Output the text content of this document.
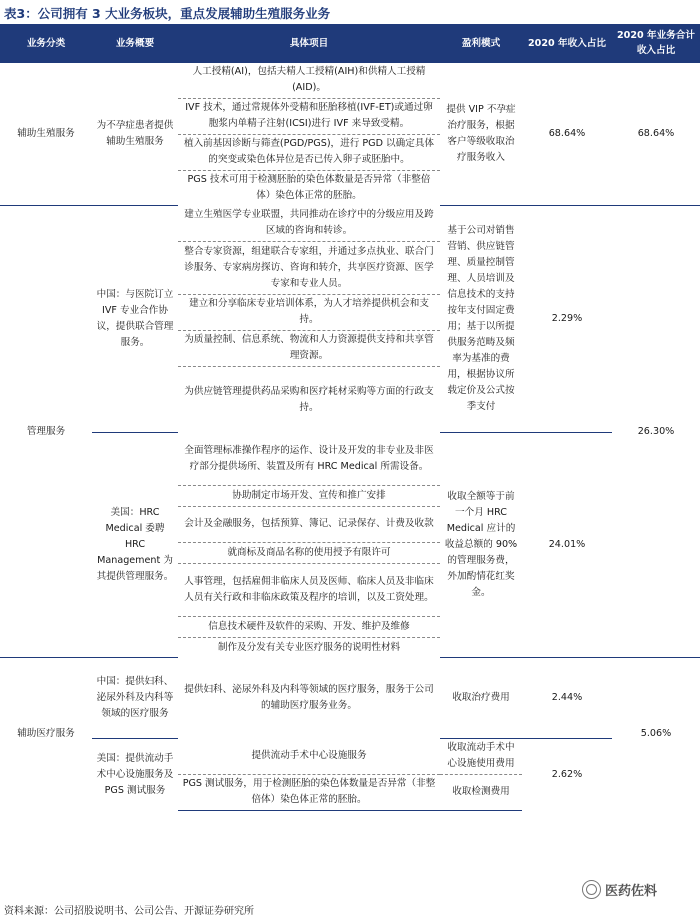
表3：公司拥有 3 大业务板块，重点发展辅助生殖服务业务
业务分类	业务概要	具体项目	盈利模式	2020 年收入占比	2020 年业务合计收入占比
辅助生殖服务	为不孕症患者提供辅助生殖服务	人工授精(AI)，包括夫精人工授精(AIH)和供精人工授精(AID)。	提供 VIP 不孕症治疗服务，根据客户等级收取治疗服务收入	68.64%	68.64%
		IVF 技术，通过常规体外受精和胚胎移植(IVF-ET)或通过卵胞浆内单精子注射(ICSI)进行 IVF 来导致受精。			
		植入前基因诊断与筛查(PGD/PGS)，进行 PGD 以确定具体的突变或染色体异位是否已传入卵子或胚胎中。			
		PGS 技术可用于检测胚胎的染色体数量是否异常（非整倍体）染色体正常的胚胎。			
管理服务	中国：与医院订立 IVF 专业合作协议，提供联合管理服务。	建立生殖医学专业联盟，共同推动在诊疗中的分级应用及跨区域的咨询和转诊。	基于公司对销售营销、供应链管理、质量控制管理、人员培训及信息技术的支持按年支付固定费用；基于以所提供服务范畴及频率为基准的费用，根据协议所载定价及公式按季支付	2.29%	26.30%
		整合专家资源，组建联合专家组，并通过多点执业、联合门诊服务、专家病房探访、咨询和转介，共享医疗资源、医学专家和专业人员。			
		建立和分享临床专业培训体系，为人才培养提供机会和支持。			
		为质量控制、信息系统、物流和人力资源提供支持和共享管理资源。			
		为供应链管理提供药品采购和医疗耗材采购等方面的行政支持。			
	美国：HRC Medical 委聘 HRC Management 为其提供管理服务。	全面管理标准操作程序的运作、设计及开发的非专业及非医疗部分提供场所、装置及所有 HRC Medical 所需设备。	收取全额等于前一个月 HRC Medical 应计的收益总额的 90%的管理服务费，外加酌情花红奖金。	24.01%	
		协助制定市场开发、宣传和推广安排			
		会计及金融服务，包括预算、簿记、记录保存、计费及收款			
		就商标及商品名称的使用授予有限许可			
		人事管理，包括雇佣非临床人员及医师、临床人员及非临床人员有关行政和非临床政策及程序的培训，以及工资处理。			
		信息技术硬件及软件的采购、开发、维护及维修			
		制作及分发有关专业医疗服务的说明性材料			
辅助医疗服务	中国：提供妇科、泌尿外科及内科等领域的医疗服务	提供妇科、泌尿外科及内科等领域的医疗服务，服务于公司的辅助医疗服务业务。	收取治疗费用	2.44%	5.06%
	美国：提供流动手术中心设施服务及 PGS 测试服务	提供流动手术中心设施服务	收取流动手术中心设施使用费用	2.62%	
		PGS 测试服务，用于检测胚胎的染色体数量是否异常（非整倍体）染色体正常的胚胎。	收取检测费用		
医药佐料
资料来源：公司招股说明书、公司公告、开源证券研究所
